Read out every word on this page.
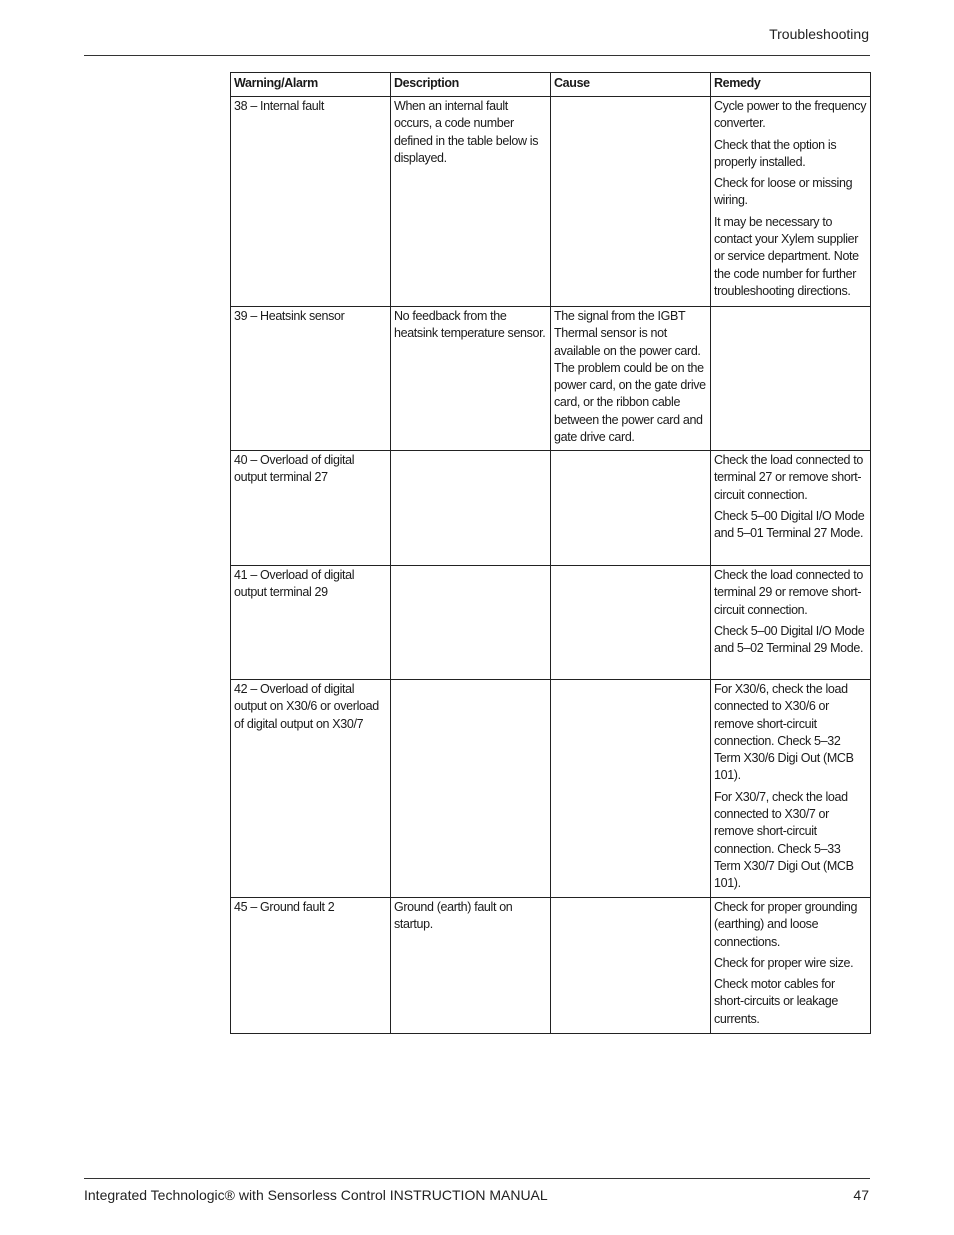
Troubleshooting
Warning/Alarm	Description	Cause	Remedy
38 – Internal fault	When an internal fault occurs, a code number defined in the table below is displayed.		Cycle power to the frequency converter.

Check that the option is properly installed.

Check for loose or missing wiring.

It may be necessary to contact your Xylem supplier or service department. Note the code number for further troubleshooting directions.

39 – Heatsink sensor	No feedback from the heatsink temperature sensor.	The signal from the IGBT Thermal sensor is not available on the power card. The problem could be on the power card, on the gate drive card, or the ribbon cable between the power card and gate drive card.	
40 – Overload of digital output terminal 27			Check the load connected to terminal 27 or remove short-circuit connection.

Check 5–00 Digital I/O Mode and 5–01 Terminal 27 Mode.

41 – Overload of digital output terminal 29			Check the load connected to terminal 29 or remove short-circuit connection.

Check 5–00 Digital I/O Mode and 5–02 Terminal 29 Mode.

42 – Overload of digital output on X30/6 or overload of digital output on X30/7			For X30/6, check the load connected to X30/6 or remove short-circuit connection. Check 5–32 Term X30/6 Digi Out (MCB 101).

For X30/7, check the load connected to X30/7 or remove short-circuit connection. Check 5–33 Term X30/7 Digi Out (MCB 101).

45 – Ground fault 2	Ground (earth) fault on startup.		Check for proper grounding (earthing) and loose connections.

Check for proper wire size.

Check motor cables for short-circuits or leakage currents.

Integrated Technologic® with Sensorless Control INSTRUCTION MANUAL	47
